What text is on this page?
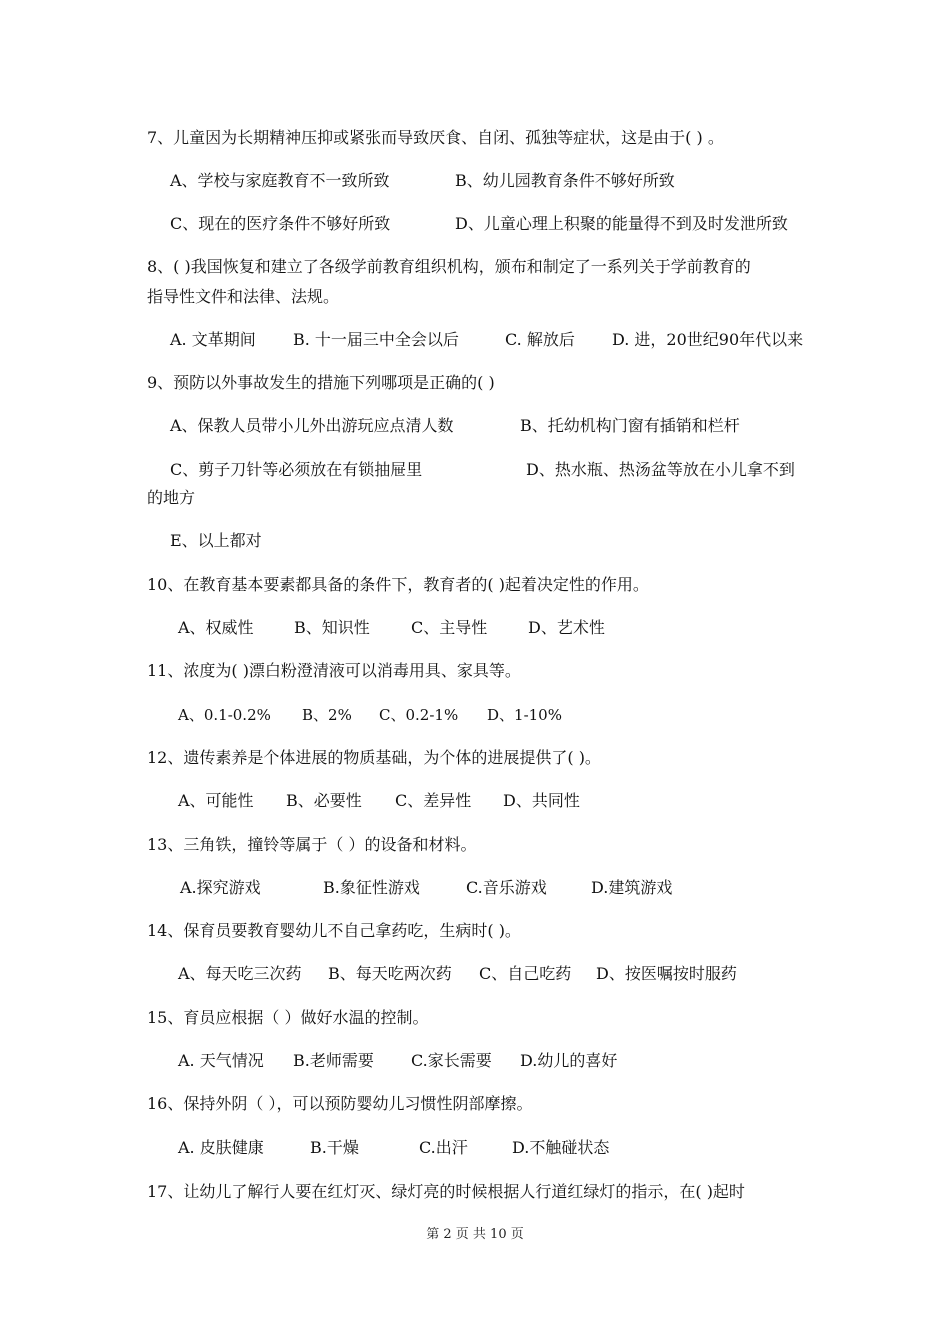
7、儿童因为长期精神压抑或紧张而导致厌食、自闭、孤独等症状，这是由于( ) 。
A、学校与家庭教育不一致所致	B、幼儿园教育条件不够好所致
C、现在的医疗条件不够好所致	D、儿童心理上积聚的能量得不到及时发泄所致
8、( )我国恢复和建立了各级学前教育组织机构，颁布和制定了一系列关于学前教育的
指导性文件和法律、法规。
A. 文革期间 B. 十一届三中全会以后	C. 解放后 D. 进，20世纪90年代以来
9、预防以外事故发生的措施下列哪项是正确的( )
A、保教人员带小儿外出游玩应点清人数	B、托幼机构门窗有插销和栏杆
C、剪子刀针等必须放在有锁抽屉里	D、热水瓶、热汤盆等放在小儿拿不到
的地方
E、以上都对
10、在教育基本要素都具备的条件下，教育者的( )起着决定性的作用。
A、权威性	B、知识性	C、主导性	D、艺术性
11、浓度为( )漂白粉澄清液可以消毒用具、家具等。
A、0.1-0.2% B、2% C、0.2-1% D、1-10%
12、遗传素养是个体进展的物质基础，为个体的进展提供了( )。
A、可能性 B、必要性 C、差异性 D、共同性
13、三角铁，撞铃等属于（ ）的设备和材料。
A.探究游戏	B.象征性游戏	C.音乐游戏	D.建筑游戏
14、保育员要教育婴幼儿不自己拿药吃，生病时( )。
A、每天吃三次药 B、每天吃两次药 C、自己吃药 D、按医嘱按时服药
15、育员应根据（ ）做好水温的控制。
A. 天气情况 B.老师需要 C.家长需要 D.幼儿的喜好
16、保持外阴（ ），可以预防婴幼儿习惯性阴部摩擦。
A. 皮肤健康	B.干燥	C.出汗	D.不触碰状态
17、让幼儿了解行人要在红灯灭、绿灯亮的时候根据人行道红绿灯的指示，在( )起时
第 2 页 共 10 页
